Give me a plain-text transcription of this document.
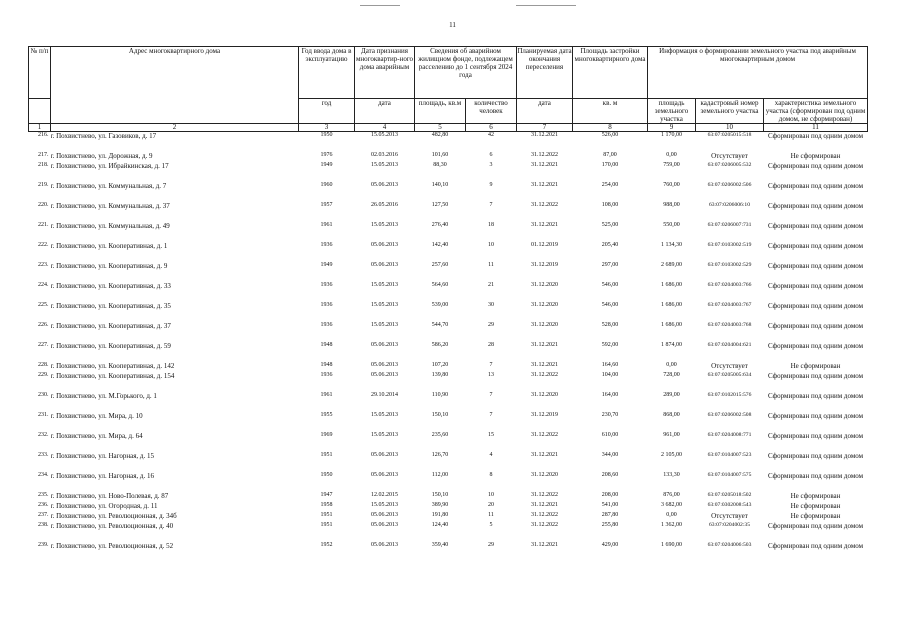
11
№ п/п	Адрес многоквартирного дома	Год ввода дома в эксплуатацию	Дата признания многоквартир-ного дома аварийным	Сведения об аварийном жилищном фонде, подлежащем расселению до 1 сентября 2024 года		Планируемая дата окончания переселения	Площадь застройки многоквартирного дома	Информация о формировании земельного участка под аварийным многоквартирным домом		
								площадь земельного участка	кадастровый номер земельного участка	характеристика земельного участка (сформирован под одним домом, не сформирован)
		год	дата	площадь, кв.м	количество человек	дата	кв. м			
1	2	3	4	5	6	7	8	9	10	11
216.	г. Похвистнево, ул. Газовиков, д. 17	1950	15.05.2013	482,80	42	31.12.2021	526,00	1 170,00	63:07:0205015:518	Сформирован под одним домом
217.	г. Похвистнево, ул. Дорожная, д. 9	1976	02.03.2016	101,60	6	31.12.2022	87,00	0,00	Отсутствует	Не сформирован
218.	г. Похвистнево, ул. Ибрайкинская, д. 17	1949	15.05.2013	88,30	3	31.12.2021	170,00	759,00	63:07:0206005:532	Сформирован под одним домом
219.	г. Похвистнево, ул. Коммунальная, д. 7	1960	05.06.2013	140,10	9	31.12.2021	254,00	760,00	63:07:0206002:506	Сформирован под одним домом
220.	г. Похвистнево, ул. Коммунальная, д. 37	1957	26.05.2016	127,50	7	31.12.2022	108,00	988,00	63:07:0206006:10	Сформирован под одним домом
221.	г. Похвистнево, ул. Коммунальная, д. 49	1961	15.05.2013	276,40	18	31.12.2021	525,00	550,00	63:07:0206007:731	Сформирован под одним домом
222.	г. Похвистнево, ул. Кооперативная, д. 1	1936	05.06.2013	142,40	10	01.12.2019	205,40	1 134,30	63:07:0103002:519	Сформирован под одним домом
223.	г. Похвистнево, ул. Кооперативная, д. 9	1949	05.06.2013	257,60	11	31.12.2019	297,00	2 689,00	63:07:0103002:529	Сформирован под одним домом
224.	г. Похвистнево, ул. Кооперативная, д. 33	1936	15.05.2013	564,60	21	31.12.2020	546,00	1 686,00	63:07:0204003:766	Сформирован под одним домом
225.	г. Похвистнево, ул. Кооперативная, д. 35	1936	15.05.2013	539,00	30	31.12.2020	546,00	1 686,00	63:07:0204003:767	Сформирован под одним домом
226.	г. Похвистнево, ул. Кооперативная, д. 37	1936	15.05.2013	544,70	29	31.12.2020	528,00	1 686,00	63:07:0204003:768	Сформирован под одним домом
227.	г. Похвистнево, ул. Кооперативная, д. 59	1948	05.06.2013	586,20	28	31.12.2021	592,00	1 874,00	63:07:0204004:621	Сформирован под одним домом
228.	г. Похвистнево, ул. Кооперативная, д. 142	1948	05.06.2013	107,20	7	31.12.2021	164,60	0,00	Отсутствует	Не сформирован
229.	г. Похвистнево, ул. Кооперативная, д. 154	1936	05.06.2013	139,80	13	31.12.2022	104,00	728,00	63:07:0205005:634	Сформирован под одним домом
230.	г. Похвистнево, ул. М.Горького, д. 1	1961	29.10.2014	110,90	7	31.12.2020	164,00	289,00	63:07:0102015:576	Сформирован под одним домом
231.	г. Похвистнево, ул. Мира, д. 10	1955	15.05.2013	150,10	7	31.12.2019	230,70	868,00	63:07:0206002:508	Сформирован под одним домом
232.	г. Похвистнево, ул. Мира, д. 64	1969	15.05.2013	235,60	15	31.12.2022	610,00	961,00	63:07:0204008:771	Сформирован под одним домом
233.	г. Похвистнево, ул. Нагорная, д. 15	1951	05.06.2013	126,70	4	31.12.2021	344,00	2 105,00	63:07:0104007:523	Сформирован под одним домом
234.	г. Похвистнево, ул. Нагорная, д. 16	1950	05.06.2013	112,00	8	31.12.2020	208,60	133,30	63:07:0104007:575	Сформирован под одним домом
235.	г. Похвистнево, ул. Ново-Полевая, д. 87	1947	12.02.2015	150,10	10	31.12.2022	208,00	876,00	63:07:0205018:502	Не сформирован
236.	г. Похвистнево, ул. Огородная, д. 11	1958	15.05.2013	389,90	20	31.12.2021	541,00	3 682,00	63:07:0302008:543	Не сформирован
237.	г. Похвистнево, ул. Революционная, д. 34б	1951	05.06.2013	191,80	11	31.12.2022	287,80	0,00	Отсутствует	Не сформирован
238.	г. Похвистнево, ул. Революционная, д. 40	1951	05.06.2013	124,40	5	31.12.2022	255,80	1 362,00	63:07:0204002:35	Сформирован под одним домом
239.	г. Похвистнево, ул. Революционная, д. 52	1952	05.06.2013	359,40	29	31.12.2021	429,00	1 690,00	63:07:0204006:503	Сформирован под одним домом
